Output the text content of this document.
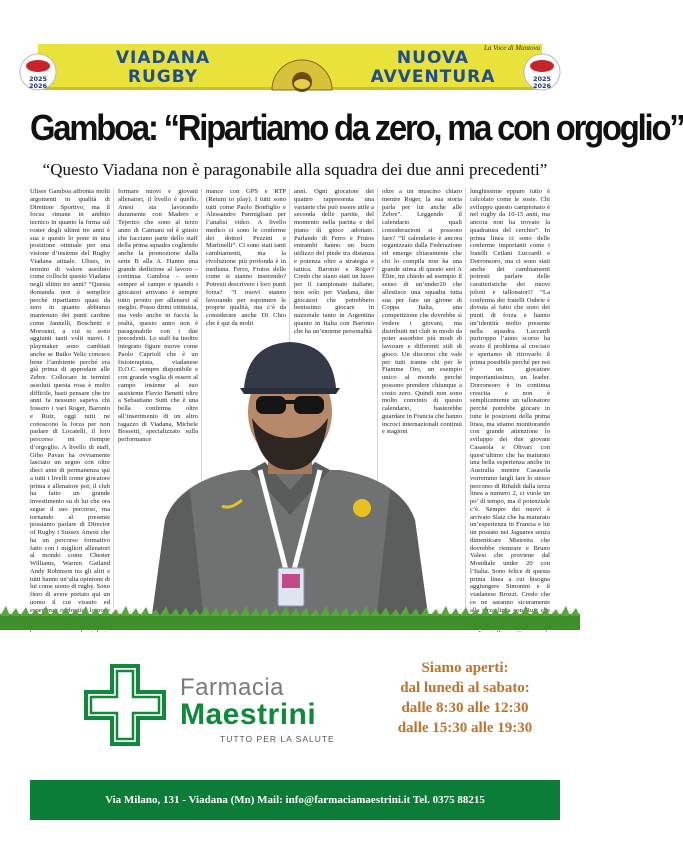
VIADANA
RUGBY
NUOVA
AVVENTURA
2025
2026
2025
2026
La Voce di Mantova
Gamboa: “Ripartiamo da zero, ma con orgoglio”
“Questo Viadana non è paragonabile alla squadra dei due anni precedenti”
Ulises Gamboa affronta molti argomenti in qualità di Direttore Sportivo, ma il focus rimane in ambito tecnico in quanto la firma sul roster degli ultimi tre anni è sua e questo lo pone in una posizione ottimale per una visione d’insieme del Rugby Viadana attuale. Ulises, in termini di valore assoluto come collochi questo Viadana negli ultimi tre anni? “Questa domanda non è semplice perché ripartiamo quasi da zero in quanto abbiamo mantenuto dei punti cardine come Jannelli, Boschetti e Morosini, a cui si sono aggiunti tanti volti nuovi. I playmaker sono cambiati anche se Ratko Yelic conosce bene l’ambiente perché era già prima di approdare alle Zebre. Collocare in termini assoluti questa rosa è molto difficile, basti pensare che tre anni fa nessuno sapeva chi fossero i vari Roger, Baronio e Ruiz, oggi tutti ne conoscono la forza per non parlare di Locatelli, il loro percorso mi riempie d’orgoglio. A livello di staff, Gibo Pavan ha ovviamente lasciato un segno con oltre dieci anni di permanenza qui a tutti i livelli come giocatore prima e allenatore poi; il club ha fatto un grande investimento su di lui che ora segue il suo percorso, ma tornando al presente possiamo parlare di Director of Rugby i Sussex Amosi che ha un percorso formativo fatto con i migliori allenatori al mondo come Chester Williams, Warren Gatland Andy Robinson tra gli altri e tutti hanno un’alta opinione di lui come uomo di rugby. Sono fiero di avere portato qui un uomo il cui vissuto ed rugbystica lo pone
formare nuovi e giovani allenatori, il livello è quello. Anesi sta lavorando duramente con Madero e Tejerizo che sono al terzo anno di Caimani ed è giusto che facciano parte dello staff della prima squadra cogliendo anche la promozione dalla serie B alla A. Hanno una grande dedizione al lavoro – continua Gamboa – sono sempre al campo e quando i giocatori arrivano è sempre tutto pronto per allenarsi al meglio. Posso dirmi ottimista, ma vedo anche in faccia la realtà, questo anno non è paragonabile con i due precedenti. Lo staff ha inoltre integrato figure nuove come Paolo Caprioli che è un fisioterapista, viadanese D.O.C. sempre disponibile e con grande voglia di essere al campo insieme al suo assistente Flavio Benetti oltre a Sebastiano Sutti che è una bella conferma oltre all’inserimento di un altro ragazzo di Viadana, Michele Bossetti, specializzato sulla performance
mance con GPS e RTP (Return to play). I tutti sono tutti come Paolo Bonfiglio e Alessandro Parmigliani per l’analisi video. A livello medico ci sono le conferme dei dottori Pezzini e Martinelli”. Ci sono stati tanti cambiamenti, ma la rivoluzione più profonda è in mediana. Ferro, Frutos delle come si stanno inserendo? Potresti descrivere i loro punti forza? “I nuovi stanno lavorando per esprimere le proprie qualità, ma c’è da considerare anche Di Chio che è qui da molti
anni. Ogni giocatore dei quattro rappresenta una variante che può essere utile a seconda delle partite, del momento nella partita e del piano di gioco adottato. Parlando di Ferro e Frutos entrambi hanno un buon utilizzo del piede tra distanza e potenza oltre a strategia e tattica. Baronio e Roger? Credo che siano stati un lusso per il campionato italiano, non solo per Viadana, due giocatori che potrebbero benissimo giocare in nazionale tanto in Argentina quanto in Italia con Baronio che ha un’enorme personalità
oltre a un muscino chiaro mentre Roger, la sua storia parla per lui anche alle Zebre”. Leggendo il calendario quali considerazioni si possono fare? “Il calendario è ancora organizzato dalla Federazione ed emerge chiaramente che chi lo compila non ha una grande stima di questo serì A Élite, mi chiedo ad esempio il senso di un’under20 che allestisce una squadra tutta sua per fare un girone di Coppa Italia, una competizione che dovrebbe sì vedere i giovani, ma distribuiti nei club in modo da poter assorbire più modi di lavorare e differenti stili di gioco. Un discorso che vale per tutti tranne chi per le Fiamme Oro, un esempio unico al mondo perché possono prendere chiunque a costo zero. Quindi non sono molto convinto di questo calendario, basterebbe guardare in Francia che hanno incroci internazionali continui e stagioni
lunghissime eppure tutto è calcolato come le sosie. Chi sviluppo questo campionato è nel rugby da 10-15 anni, ma ancora non ha trovato la quadratura del cerchio”. In prima linea ci sono delle conferme importanti come i fratelli Ceilani Luccardi e Dorronsoro, ma ci sono stati anche dei cambiamenti potresti parlare delle caratteristiche dei nuovi piloni e tallonatori? “La conferma dei fratelli Oubrie è dovuta al fatto che sono dei punti di forza e hanno un’identità molto presente nella squadra. Luccardi purtroppo l’anno scorso ha avuto il problema al crociato e speriamo di ritrovarlo il prima possibile perché per noi è un giocatore importantissimo, un leader. Dorronsoro è in continua crescita e non è semplicemente un tallonatore perché potrebbe giocare in tutte le posizioni della prima linea, ma stiamo monitorando con grande attenzione lo sviluppo dei due giovani Casasola e Olivari con quest’ultimo che ha maturato una bella esperienza anche in Australia mentre Casasola vorremmo fargli fare lo stesso percorso di Ribaldi dalla terza linea a numero 2, ci vuole un po’ di tempo, ma il potenziale c’è. Sempre dei nuovi è arrivato Slaiz che ha maturato un’esperienza in Francia e lui un possato nei Jaguares senza dimenticare Mistretta che dovrebbe rientrare e Bruno Valesi che proviene dal Mondiale under 20 con l’Italia. Sono felice di questa prima linea a cui bisogna aggiungere Simonini e il viadanese Brozzi. Credo che ce ne saranno sicuramente alla terza con Ruiz
Farmacia
Maestrini
TUTTO PER LA SALUTE
Siamo aperti:
dal lunedì al sabato:
dalle 8:30 alle 12:30
dalle 15:30 alle 19:30
Via Milano, 131 - Viadana (Mn) Mail: info@farmaciamaestrini.it Tel. 0375 88215
